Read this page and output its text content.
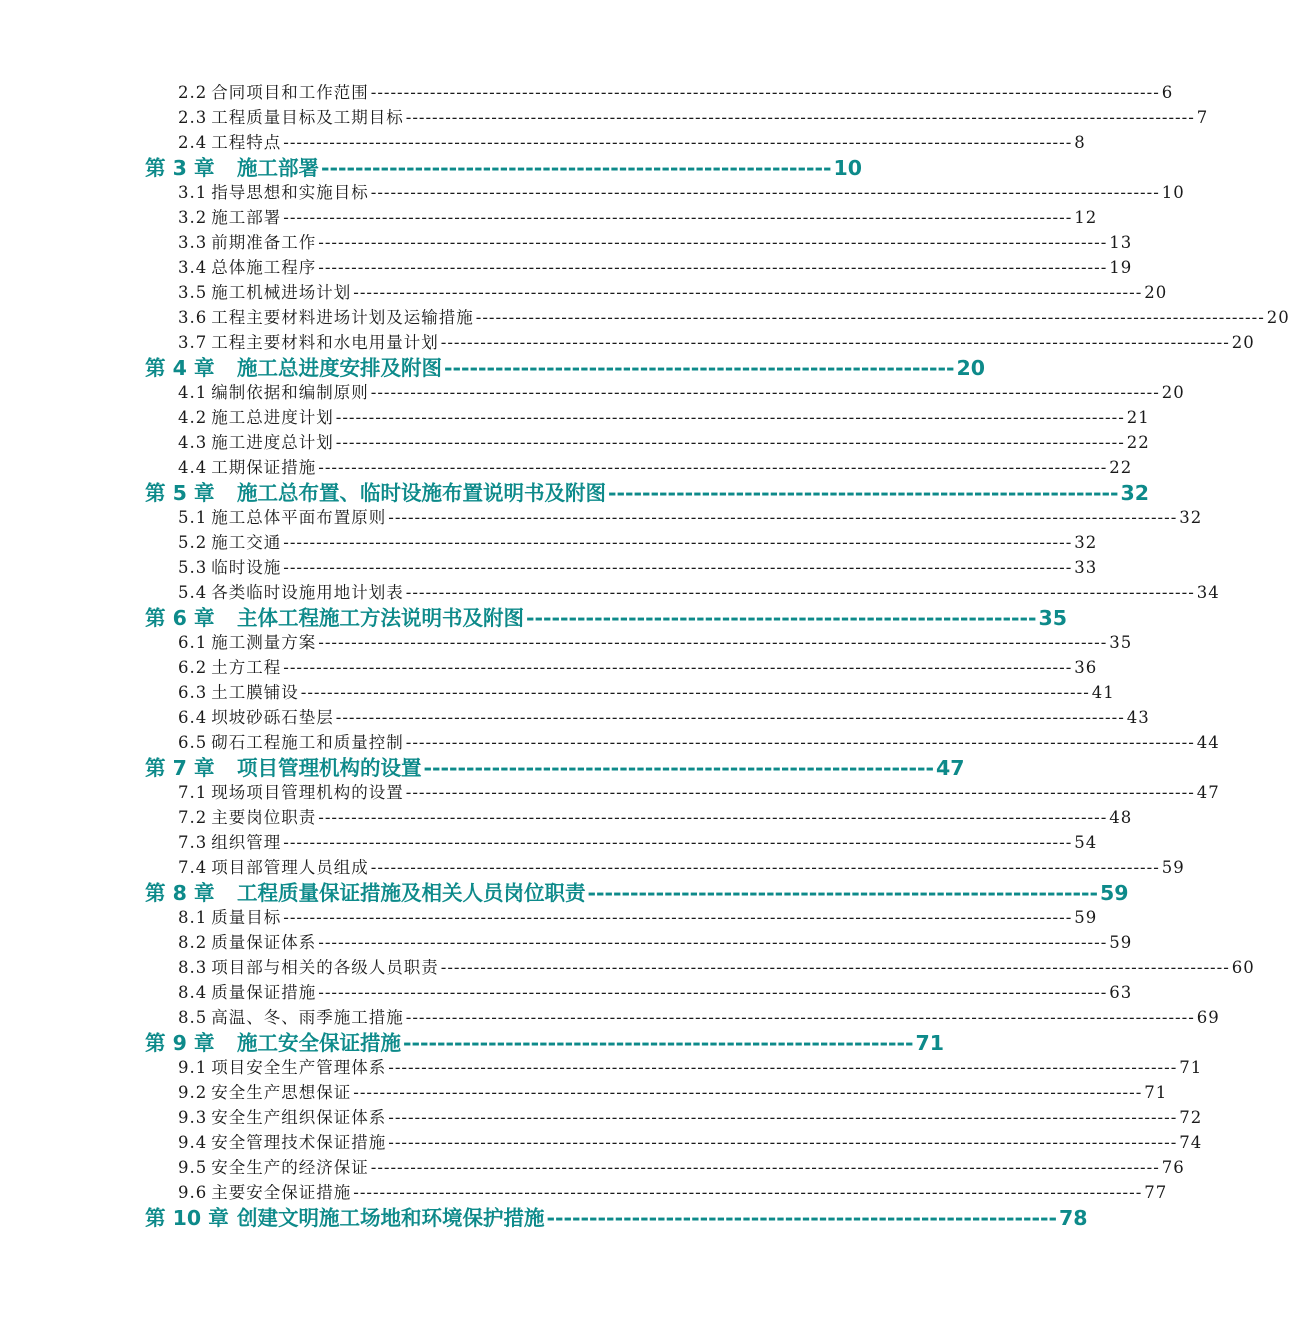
2.2 合同项目和工作范围 ------------------------------------------------------------------------------------------------------------------------ 6
2.3 工程质量目标及工期目标 ------------------------------------------------------------------------------------------------------------------------ 7
2.4 工程特点 ------------------------------------------------------------------------------------------------------------------------ 8
第 3 章 施工部署 ------------------------------------------------------------ 10
3.1 指导思想和实施目标 ------------------------------------------------------------------------------------------------------------------------ 10
3.2 施工部署 ------------------------------------------------------------------------------------------------------------------------ 12
3.3 前期准备工作 ------------------------------------------------------------------------------------------------------------------------ 13
3.4 总体施工程序 ------------------------------------------------------------------------------------------------------------------------ 19
3.5 施工机械进场计划 ------------------------------------------------------------------------------------------------------------------------ 20
3.6 工程主要材料进场计划及运输措施 ------------------------------------------------------------------------------------------------------------------------ 20
3.7 工程主要材料和水电用量计划 ------------------------------------------------------------------------------------------------------------------------ 20
第 4 章 施工总进度安排及附图 ------------------------------------------------------------ 20
4.1 编制依据和编制原则 ------------------------------------------------------------------------------------------------------------------------ 20
4.2 施工总进度计划 ------------------------------------------------------------------------------------------------------------------------ 21
4.3 施工进度总计划 ------------------------------------------------------------------------------------------------------------------------ 22
4.4 工期保证措施 ------------------------------------------------------------------------------------------------------------------------ 22
第 5 章 施工总布置、临时设施布置说明书及附图 ------------------------------------------------------------ 32
5.1 施工总体平面布置原则 ------------------------------------------------------------------------------------------------------------------------ 32
5.2 施工交通 ------------------------------------------------------------------------------------------------------------------------ 32
5.3 临时设施 ------------------------------------------------------------------------------------------------------------------------ 33
5.4 各类临时设施用地计划表 ------------------------------------------------------------------------------------------------------------------------ 34
第 6 章 主体工程施工方法说明书及附图 ------------------------------------------------------------ 35
6.1 施工测量方案 ------------------------------------------------------------------------------------------------------------------------ 35
6.2 土方工程 ------------------------------------------------------------------------------------------------------------------------ 36
6.3 土工膜铺设 ------------------------------------------------------------------------------------------------------------------------ 41
6.4 坝坡砂砾石垫层 ------------------------------------------------------------------------------------------------------------------------ 43
6.5 砌石工程施工和质量控制 ------------------------------------------------------------------------------------------------------------------------ 44
第 7 章 项目管理机构的设置 ------------------------------------------------------------ 47
7.1 现场项目管理机构的设置 ------------------------------------------------------------------------------------------------------------------------ 47
7.2 主要岗位职责 ------------------------------------------------------------------------------------------------------------------------ 48
7.3 组织管理 ------------------------------------------------------------------------------------------------------------------------ 54
7.4 项目部管理人员组成 ------------------------------------------------------------------------------------------------------------------------ 59
第 8 章 工程质量保证措施及相关人员岗位职责 ------------------------------------------------------------ 59
8.1 质量目标 ------------------------------------------------------------------------------------------------------------------------ 59
8.2 质量保证体系 ------------------------------------------------------------------------------------------------------------------------ 59
8.3 项目部与相关的各级人员职责 ------------------------------------------------------------------------------------------------------------------------ 60
8.4 质量保证措施 ------------------------------------------------------------------------------------------------------------------------ 63
8.5 高温、冬、雨季施工措施 ------------------------------------------------------------------------------------------------------------------------ 69
第 9 章 施工安全保证措施 ------------------------------------------------------------ 71
9.1 项目安全生产管理体系 ------------------------------------------------------------------------------------------------------------------------ 71
9.2 安全生产思想保证 ------------------------------------------------------------------------------------------------------------------------ 71
9.3 安全生产组织保证体系 ------------------------------------------------------------------------------------------------------------------------ 72
9.4 安全管理技术保证措施 ------------------------------------------------------------------------------------------------------------------------ 74
9.5 安全生产的经济保证 ------------------------------------------------------------------------------------------------------------------------ 76
9.6 主要安全保证措施 ------------------------------------------------------------------------------------------------------------------------ 77
第 10 章 创建文明施工场地和环境保护措施 ------------------------------------------------------------ 78
